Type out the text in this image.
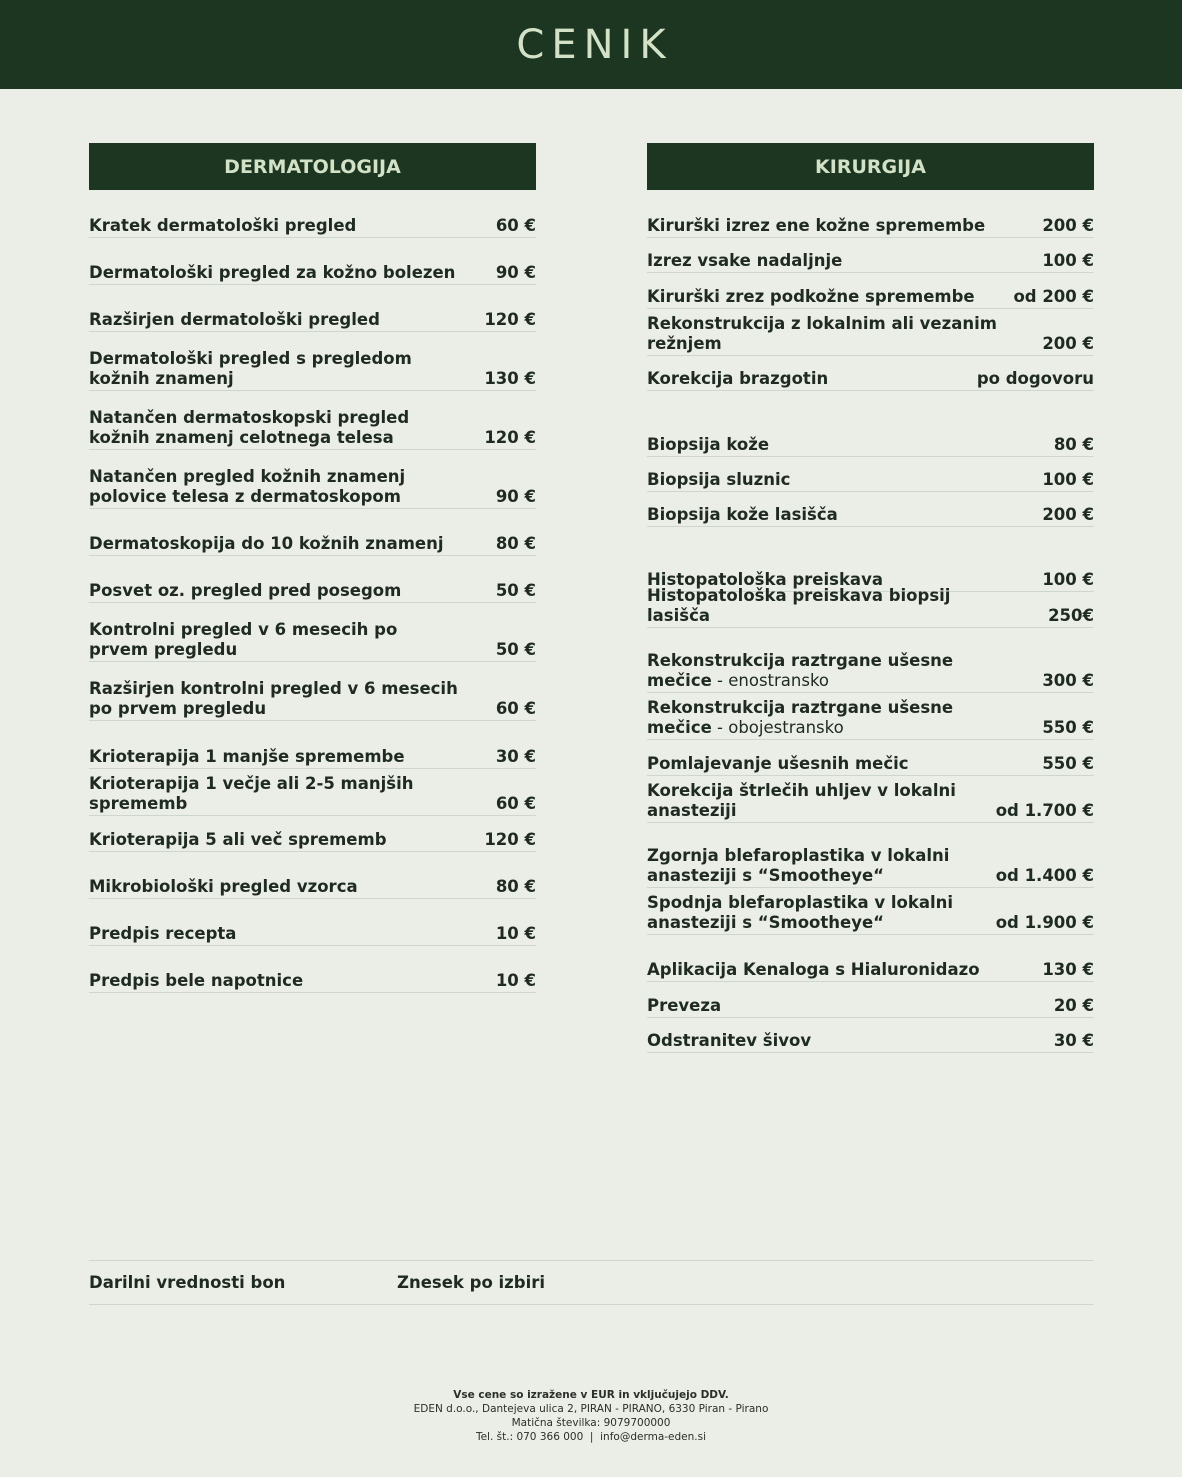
CENIK
DERMATOLOGIJA
Kratek dermatološki pregled	60 €
Dermatološki pregled za kožno bolezen 90 €
Razširjen dermatološki pregled	120 €
Dermatološki pregled s pregledom kožnih znamenj	130 €
Natančen dermatoskopski pregled kožnih znamenj celotnega telesa	120 €
Natančen pregled kožnih znamenj polovice telesa z dermatoskopom	90 €
Dermatoskopija do 10 kožnih znamenj	80 €
Posvet oz. pregled pred posegom	50 €
Kontrolni pregled v 6 mesecih po prvem pregledu	50 €
Razširjen kontrolni pregled v 6 mesecih po prvem pregledu	60 €
Krioterapija 1 manjše spremembe	30 €
Krioterapija 1 večje ali 2-5 manjših sprememb	60 €
Krioterapija 5 ali več sprememb	120 €
Mikrobiološki pregled vzorca	80 €
Predpis recepta	10 €
Predpis bele napotnice	10 €
KIRURGIJA
Kirurški izrez ene kožne spremembe	200 €
Izrez vsake nadaljnje	100 €
Kirurški zrez podkožne spremembe od 200 €
Rekonstrukcija z lokalnim ali vezanim režnjem	200 €
Korekcija brazgotin	po dogovoru
Biopsija kože	80 €
Biopsija sluznic	100 €
Biopsija kože lasišča	200 €
Histopatološka preiskava	100 €
Histopatološka preiskava biopsij lasišča	250€
Rekonstrukcija raztrgane ušesne mečice - enostransko	300 €
Rekonstrukcija raztrgane ušesne mečice - obojestransko	550 €
Pomlajevanje ušesnih mečic	550 €
Korekcija štrlečih uhljev v lokalni anasteziji	od 1.700 €
Zgornja blefaroplastika v lokalni anasteziji s “Smootheye“	od 1.400 €
Spodnja blefaroplastika v lokalni anasteziji s “Smootheye“	od 1.900 €
Aplikacija Kenaloga s Hialuronidazo	130 €
Preveza	20 €
Odstranitev šivov	30 €
Darilni vrednosti bon	Znesek po izbiri
Vse cene so izražene v EUR in vključujejo DDV.
EDEN d.o.o., Dantejeva ulica 2, PIRAN - PIRANO, 6330 Piran - Pirano
Matična številka: 9079700000
Tel. št.: 070 366 000  |  info@derma-eden.si
